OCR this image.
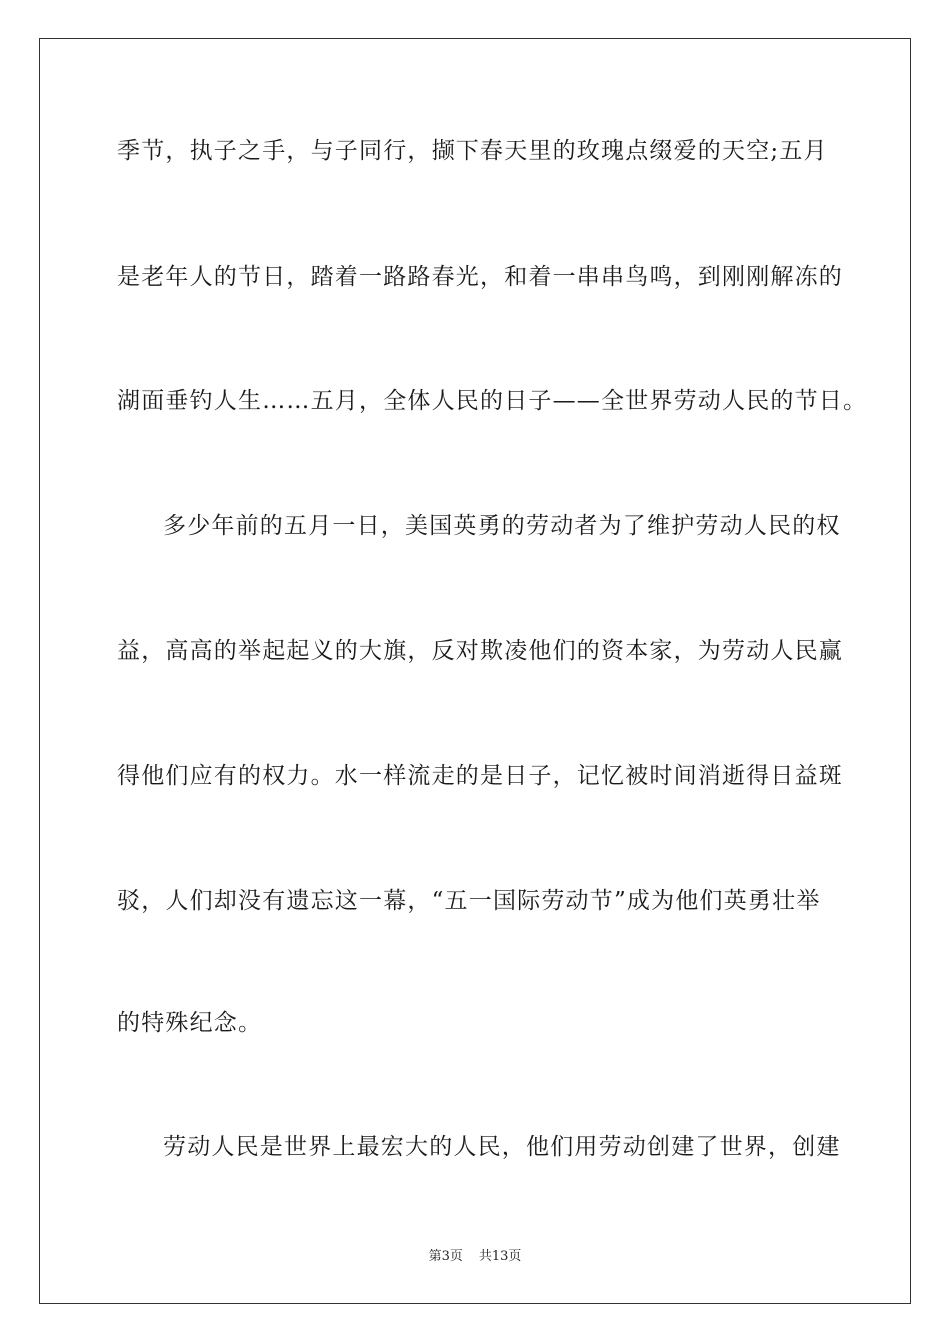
季节，执子之手，与子同行，撷下春天里的玫瑰点缀爱的天空;五月
是老年人的节日，踏着一路路春光，和着一串串鸟鸣，到刚刚解冻的
湖面垂钓人生……五月，全体人民的日子——全世界劳动人民的节日。
多少年前的五月一日，美国英勇的劳动者为了维护劳动人民的权
益，高高的举起起义的大旗，反对欺凌他们的资本家，为劳动人民赢
得他们应有的权力。水一样流走的是日子，记忆被时间消逝得日益斑
驳，人们却没有遗忘这一幕，“五一国际劳动节”成为他们英勇壮举
的特殊纪念。
劳动人民是世界上最宏大的人民，他们用劳动创建了世界，创建
第3页 共13页
